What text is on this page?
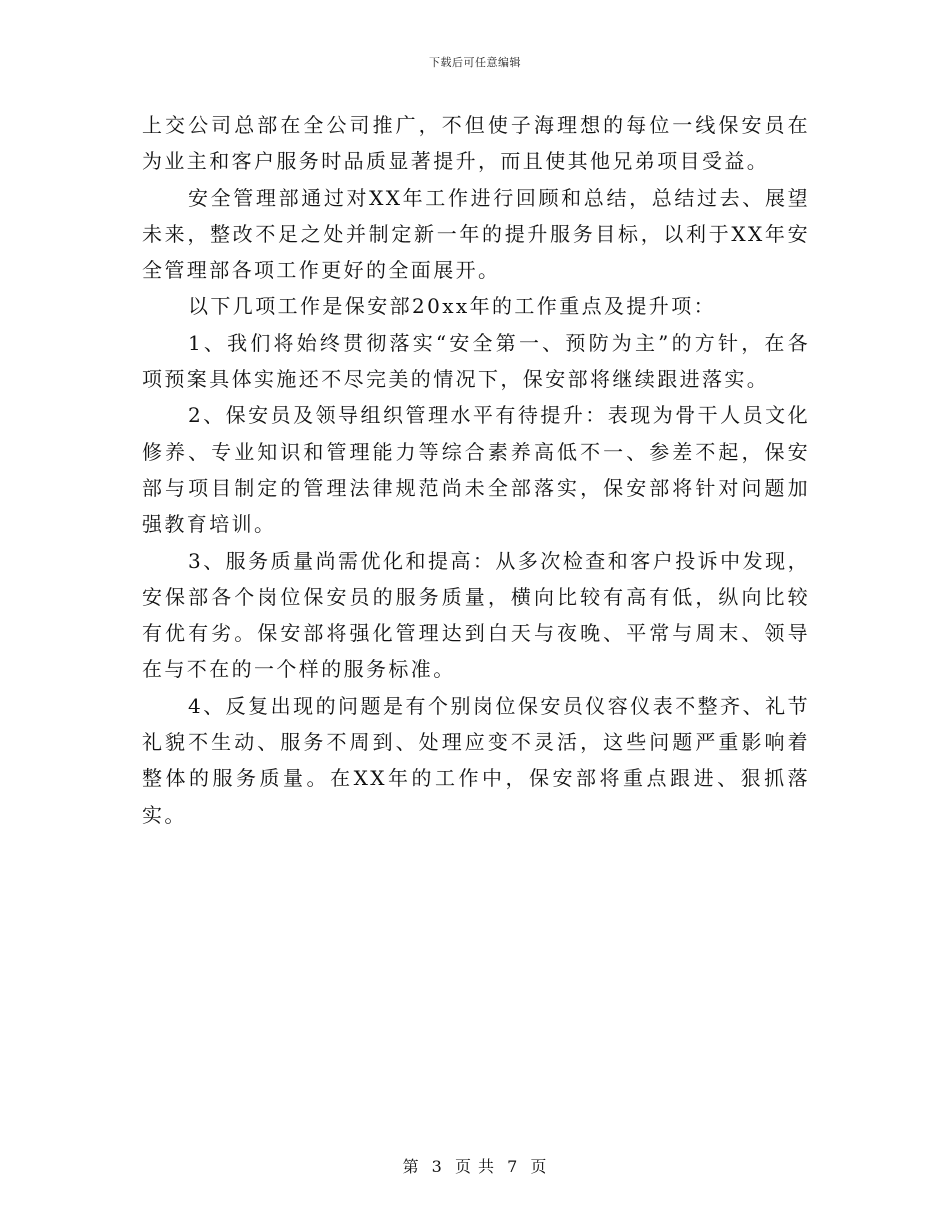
下载后可任意编辑

上交公司总部在全公司推广，不但使子海理想的每位一线保安员在为业主和客户服务时品质显著提升，而且使其他兄弟项目受益。

安全管理部通过对XX年工作进行回顾和总结，总结过去、展望未来，整改不足之处并制定新一年的提升服务目标，以利于XX年安全管理部各项工作更好的全面展开。

以下几项工作是保安部20xx年的工作重点及提升项：

1、我们将始终贯彻落实“安全第一、预防为主”的方针，在各项预案具体实施还不尽完美的情况下，保安部将继续跟进落实。

2、保安员及领导组织管理水平有待提升：表现为骨干人员文化修养、专业知识和管理能力等综合素养高低不一、参差不起，保安部与项目制定的管理法律规范尚未全部落实，保安部将针对问题加强教育培训。

3、服务质量尚需优化和提高：从多次检查和客户投诉中发现，安保部各个岗位保安员的服务质量，横向比较有高有低，纵向比较有优有劣。保安部将强化管理达到白天与夜晚、平常与周末、领导在与不在的一个样的服务标准。

4、反复出现的问题是有个别岗位保安员仪容仪表不整齐、礼节礼貌不生动、服务不周到、处理应变不灵活，这些问题严重影响着整体的服务质量。在XX年的工作中，保安部将重点跟进、狠抓落实。

第 3 页 共 7 页
